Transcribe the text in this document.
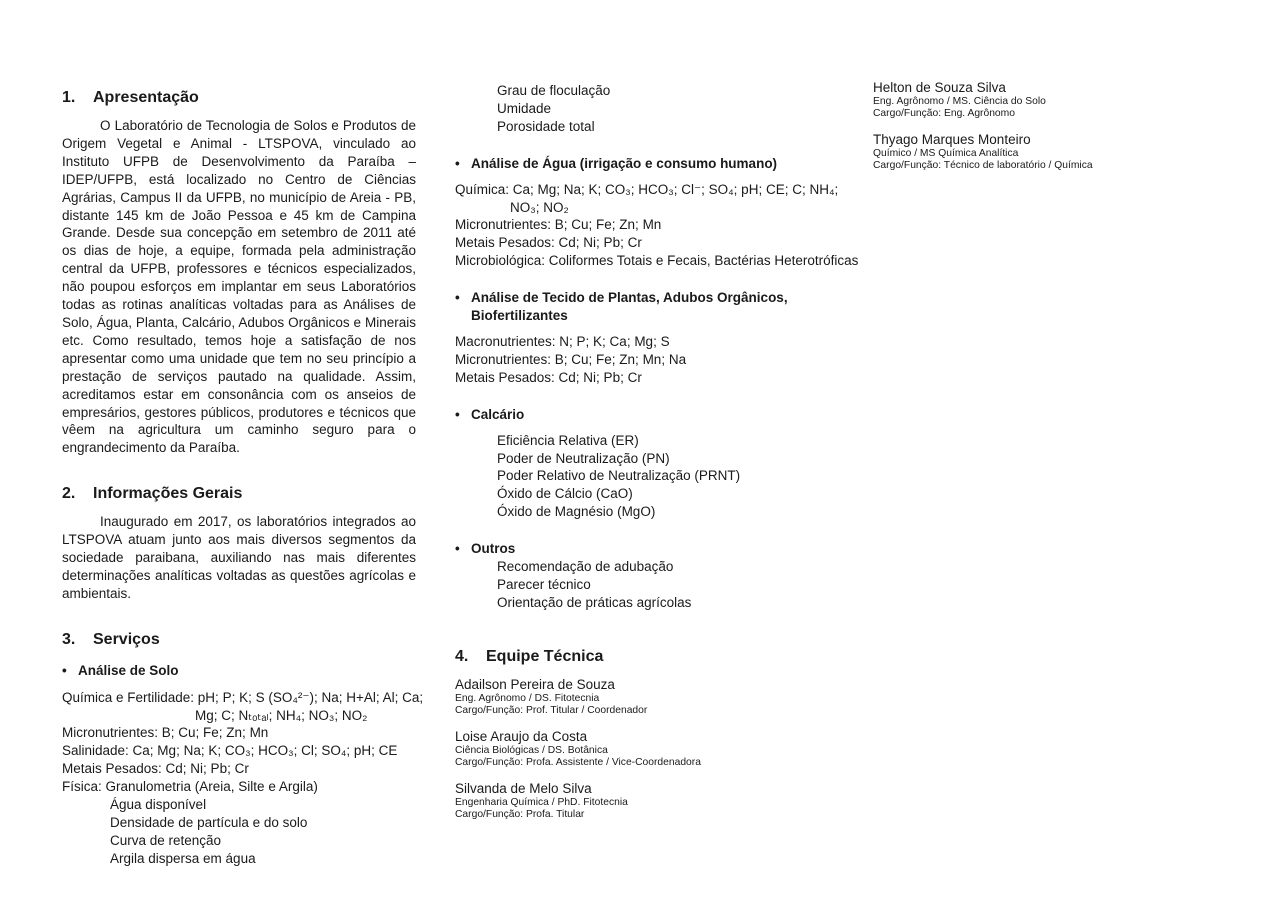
1.	Apresentação
O Laboratório de Tecnologia de Solos e Produtos de Origem Vegetal e Animal - LTSPOVA, vinculado ao Instituto UFPB de Desenvolvimento da Paraíba – IDEP/UFPB, está localizado no Centro de Ciências Agrárias, Campus II da UFPB, no município de Areia - PB, distante 145 km de João Pessoa e 45 km de Campina Grande. Desde sua concepção em setembro de 2011 até os dias de hoje, a equipe, formada pela administração central da UFPB, professores e técnicos especializados, não poupou esforços em implantar em seus Laboratórios todas as rotinas analíticas voltadas para as Análises de Solo, Água, Planta, Calcário, Adubos Orgânicos e Minerais etc. Como resultado, temos hoje a satisfação de nos apresentar como uma unidade que tem no seu princípio a prestação de serviços pautado na qualidade. Assim, acreditamos estar em consonância com os anseios de empresários, gestores públicos, produtores e técnicos que vêem na agricultura um caminho seguro para o engrandecimento da Paraíba.
2.	Informações Gerais
Inaugurado em 2017, os laboratórios integrados ao LTSPOVA atuam junto aos mais diversos segmentos da sociedade paraibana, auxiliando nas mais diferentes determinações analíticas voltadas as questões agrícolas e ambientais.
3.	Serviços
• Análise de Solo
Química e Fertilidade: pH; P; K; S (SO₄²⁻); Na; H+Al; Al; Ca;
Mg; C; Nₜₒₜₐₗ; NH₄; NO₃; NO₂
Micronutrientes: B; Cu; Fe; Zn; Mn
Salinidade: Ca; Mg; Na; K; CO₃; HCO₃; Cl; SO₄; pH; CE
Metais Pesados: Cd; Ni; Pb; Cr
Física: Granulometria (Areia, Silte e Argila)
Água disponível
Densidade de partícula e do solo
Curva de retenção
Argila dispersa em água
Grau de floculação
Umidade
Porosidade total
• Análise de Água (irrigação e consumo humano)
Química: Ca; Mg; Na; K; CO₃; HCO₃; Cl⁻; SO₄; pH; CE; C; NH₄;
NO₃; NO₂
Micronutrientes: B; Cu; Fe; Zn; Mn
Metais Pesados: Cd; Ni; Pb; Cr
Microbiológica: Coliformes Totais e Fecais, Bactérias Heterotróficas
• Análise de Tecido de Plantas, Adubos Orgânicos,
Biofertilizantes
Macronutrientes: N; P; K; Ca; Mg; S
Micronutrientes: B; Cu; Fe; Zn; Mn; Na
Metais Pesados: Cd; Ni; Pb; Cr
• Calcário
Eficiência Relativa (ER)
Poder de Neutralização (PN)
Poder Relativo de Neutralização (PRNT)
Óxido de Cálcio (CaO)
Óxido de Magnésio (MgO)
• Outros
Recomendação de adubação
Parecer técnico
Orientação de práticas agrícolas
4.	Equipe Técnica
Adailson Pereira de Souza
Eng. Agrônomo / DS. Fitotecnia
Cargo/Função: Prof. Titular / Coordenador
Loise Araujo da Costa
Ciência Biológicas / DS. Botânica
Cargo/Função: Profa. Assistente / Vice-Coordenadora
Silvanda de Melo Silva
Engenharia Química / PhD. Fitotecnia
Cargo/Função: Profa. Titular
Helton de Souza Silva
Eng. Agrônomo / MS. Ciência do Solo
Cargo/Função: Eng. Agrônomo
Thyago Marques Monteiro
Químico / MS Química Analítica
Cargo/Função: Técnico de laboratório / Química
